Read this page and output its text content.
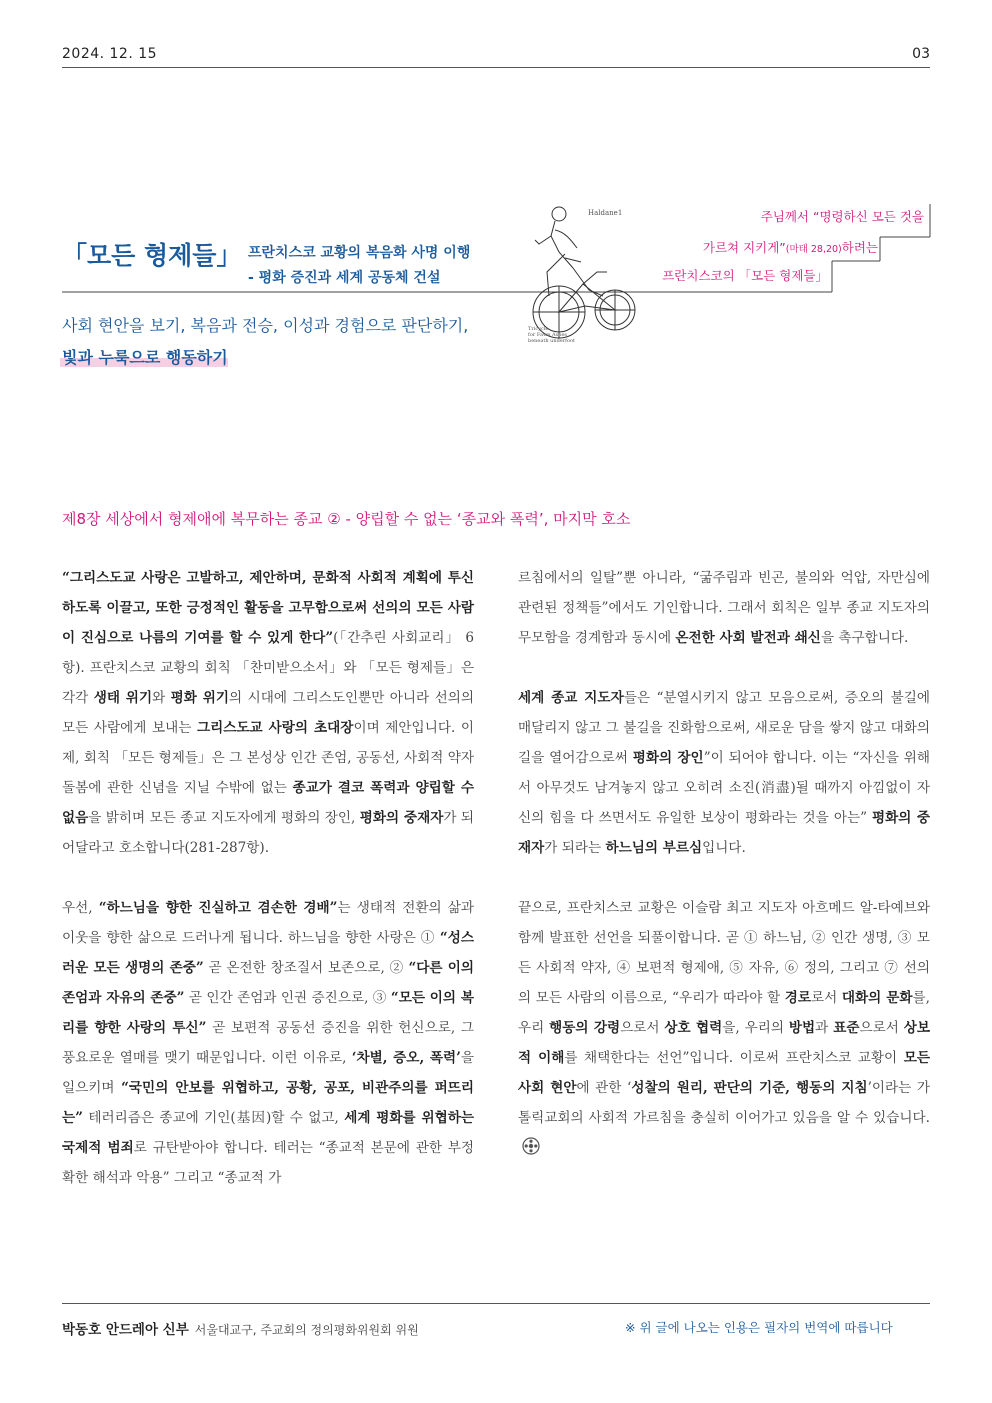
2024. 12. 15	03
「모든 형제들」 프란치스코 교황의 복음화 사명 이행
- 평화 증진과 세계 공동체 건설
사회 현안을 보기, 복음과 전승, 이성과 경험으로 판단하기,
빛과 누룩으로 행동하기
Haldane1
Tricycle
for Fawn Ashes
beneath underfoot
주님께서 “명령하신 모든 것을
가르쳐 지키게”(마태 28,20)하려는
프란치스코의 「모든 형제들」
제8장 세상에서 형제애에 복무하는 종교 ② - 양립할 수 없는 ‘종교와 폭력’, 마지막 호소

“그리스도교 사랑은 고발하고, 제안하며, 문화적 사회적 계획에 투신하도록 이끌고, 또한 긍정적인 활동을 고무함으로써 선의의 모든 사람이 진심으로 나름의 기여를 할 수 있게 한다”(「간추린 사회교리」 6항). 프란치스코 교황의 회칙 「찬미받으소서」와 「모든 형제들」은 각각 생태 위기와 평화 위기의 시대에 그리스도인뿐만 아니라 선의의 모든 사람에게 보내는 그리스도교 사랑의 초대장이며 제안입니다. 이제, 회칙 「모든 형제들」은 그 본성상 인간 존엄, 공동선, 사회적 약자 돌봄에 관한 신념을 지닐 수밖에 없는 종교가 결코 폭력과 양립할 수 없음을 밝히며 모든 종교 지도자에게 평화의 장인, 평화의 중재자가 되어달라고 호소합니다(281-287항).

우선, “하느님을 향한 진실하고 겸손한 경배”는 생태적 전환의 삶과 이웃을 향한 삶으로 드러나게 됩니다. 하느님을 향한 사랑은 ① “성스러운 모든 생명의 존중” 곧 온전한 창조질서 보존으로, ② “다른 이의 존엄과 자유의 존중” 곧 인간 존엄과 인권 증진으로, ③ “모든 이의 복리를 향한 사랑의 투신” 곧 보편적 공동선 증진을 위한 헌신으로, 그 풍요로운 열매를 맺기 때문입니다. 이런 이유로, ‘차별, 증오, 폭력’을 일으키며 “국민의 안보를 위협하고, 공황, 공포, 비관주의를 퍼뜨리는” 테러리즘은 종교에 기인(基因)할 수 없고, 세계 평화를 위협하는 국제적 범죄로 규탄받아야 합니다. 테러는 “종교적 본문에 관한 부정확한 해석과 악용” 그리고 “종교적 가

르침에서의 일탈”뿐 아니라, “굶주림과 빈곤, 불의와 억압, 자만심에 관련된 정책들”에서도 기인합니다. 그래서 회칙은 일부 종교 지도자의 무모함을 경계함과 동시에 온전한 사회 발전과 쇄신을 촉구합니다.

세계 종교 지도자들은 “분열시키지 않고 모음으로써, 증오의 불길에 매달리지 않고 그 불길을 진화함으로써, 새로운 담을 쌓지 않고 대화의 길을 열어감으로써 평화의 장인”이 되어야 합니다. 이는 “자신을 위해서 아무것도 남겨놓지 않고 오히려 소진(消盡)될 때까지 아낌없이 자신의 힘을 다 쓰면서도 유일한 보상이 평화라는 것을 아는” 평화의 중재자가 되라는 하느님의 부르심입니다.

끝으로, 프란치스코 교황은 이슬람 최고 지도자 아흐메드 알-타예브와 함께 발표한 선언을 되풀이합니다. 곧 ① 하느님, ② 인간 생명, ③ 모든 사회적 약자, ④ 보편적 형제애, ⑤ 자유, ⑥ 정의, 그리고 ⑦ 선의의 모든 사람의 이름으로, “우리가 따라야 할 경로로서 대화의 문화를, 우리 행동의 강령으로서 상호 협력을, 우리의 방법과 표준으로서 상보적 이해를 채택한다는 선언”입니다. 이로써 프란치스코 교황이 모든 사회 현안에 관한 ‘성찰의 원리, 판단의 기준, 행동의 지침’이라는 가톨릭교회의 사회적 가르침을 충실히 이어가고 있음을 알 수 있습니다.

박동호 안드레아 신부 서울대교구, 주교회의 정의평화위원회 위원	※ 위 글에 나오는 인용은 필자의 번역에 따릅니다
